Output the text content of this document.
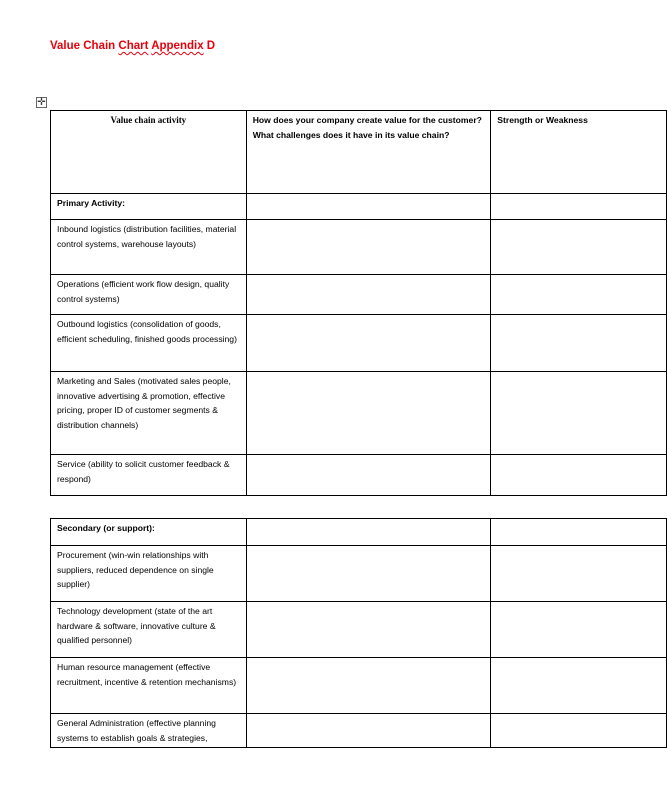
Value Chain Chart Appendix D
✛
Value chain activity	How does your company create value for the customer? What challenges does it have in its value chain?	Strength or Weakness
Primary Activity:		
Inbound logistics (distribution facilities, material control systems, warehouse layouts)		
Operations (efficient work flow design, quality control systems)		
Outbound logistics (consolidation of goods, efficient scheduling, finished goods processing)		
Marketing and Sales (motivated sales people, innovative advertising & promotion, effective pricing, proper ID of customer segments & distribution channels)		
Service (ability to solicit customer feedback & respond)		
Secondary (or support):		
Procurement (win-win relationships with suppliers, reduced dependence on single supplier)		
Technology development (state of the art hardware & software, innovative culture & qualified personnel)		
Human resource management (effective recruitment, incentive & retention mechanisms)		
General Administration (effective planning systems to establish goals & strategies,		
